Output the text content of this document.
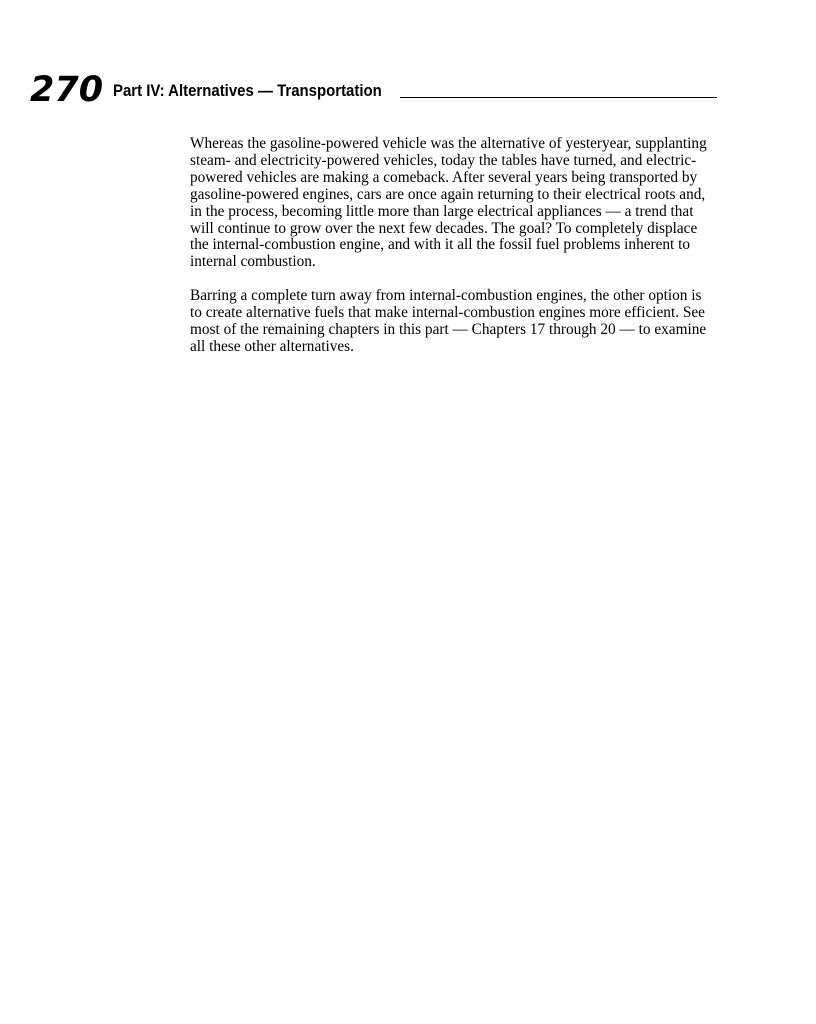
270 Part IV: Alternatives — Transportation

Whereas the gasoline-powered vehicle was the alternative of yesteryear, supplanting steam- and electricity-powered vehicles, today the tables have turned, and electric-powered vehicles are making a comeback. After several years being transported by gasoline-powered engines, cars are once again returning to their electrical roots and, in the process, becoming little more than large electrical appliances — a trend that will continue to grow over the next few decades. The goal? To completely displace the internal-combustion engine, and with it all the fossil fuel problems inherent to internal combustion.

Barring a complete turn away from internal-combustion engines, the other option is to create alternative fuels that make internal-combustion engines more efficient. See most of the remaining chapters in this part — Chapters 17 through 20 — to examine all these other alternatives.
